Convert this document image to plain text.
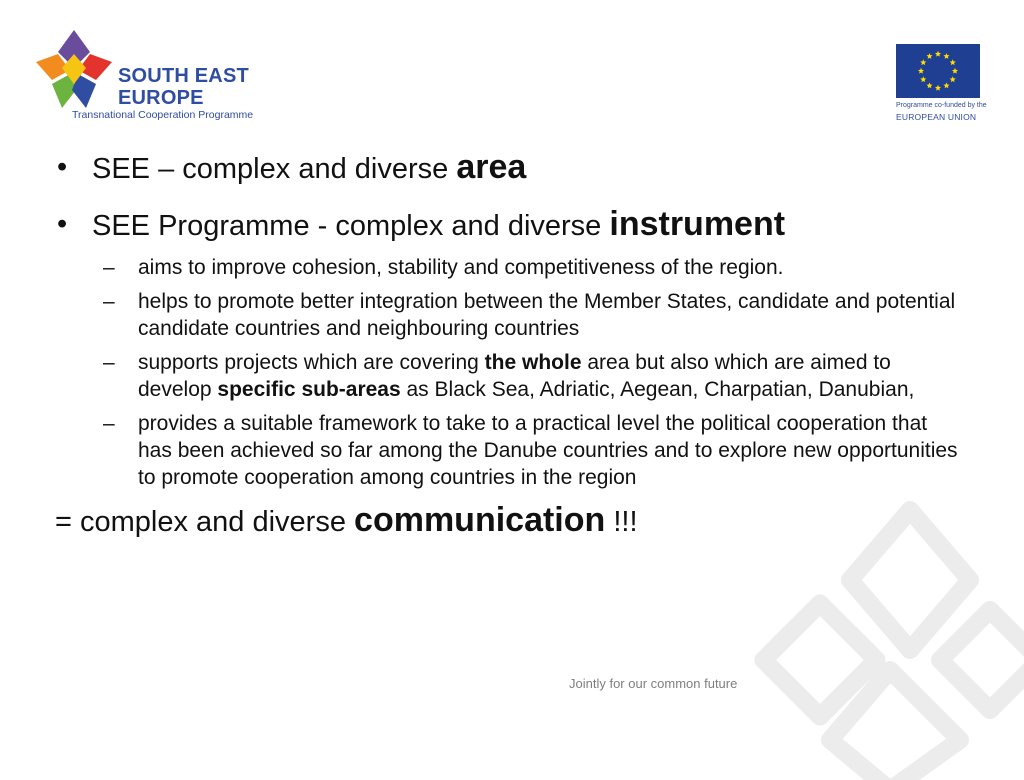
SOUTH EAST
EUROPE
Transnational Cooperation Programme
Programme co-funded by the
EUROPEAN UNION
• SEE – complex and diverse area
• SEE Programme - complex and diverse instrument
– aims to improve cohesion, stability and competitiveness of the region.
– helps to promote better integration between the Member States, candidate and potential candidate countries and neighbouring countries
– supports projects which are covering the whole area but also which are aimed to develop specific sub-areas as Black Sea, Adriatic, Aegean, Charpatian, Danubian,
– provides a suitable framework to take to a practical level the political cooperation that has been achieved so far among the Danube countries and to explore new opportunities to promote cooperation among countries in the region
= complex and diverse communication !!!
Jointly for our common future
